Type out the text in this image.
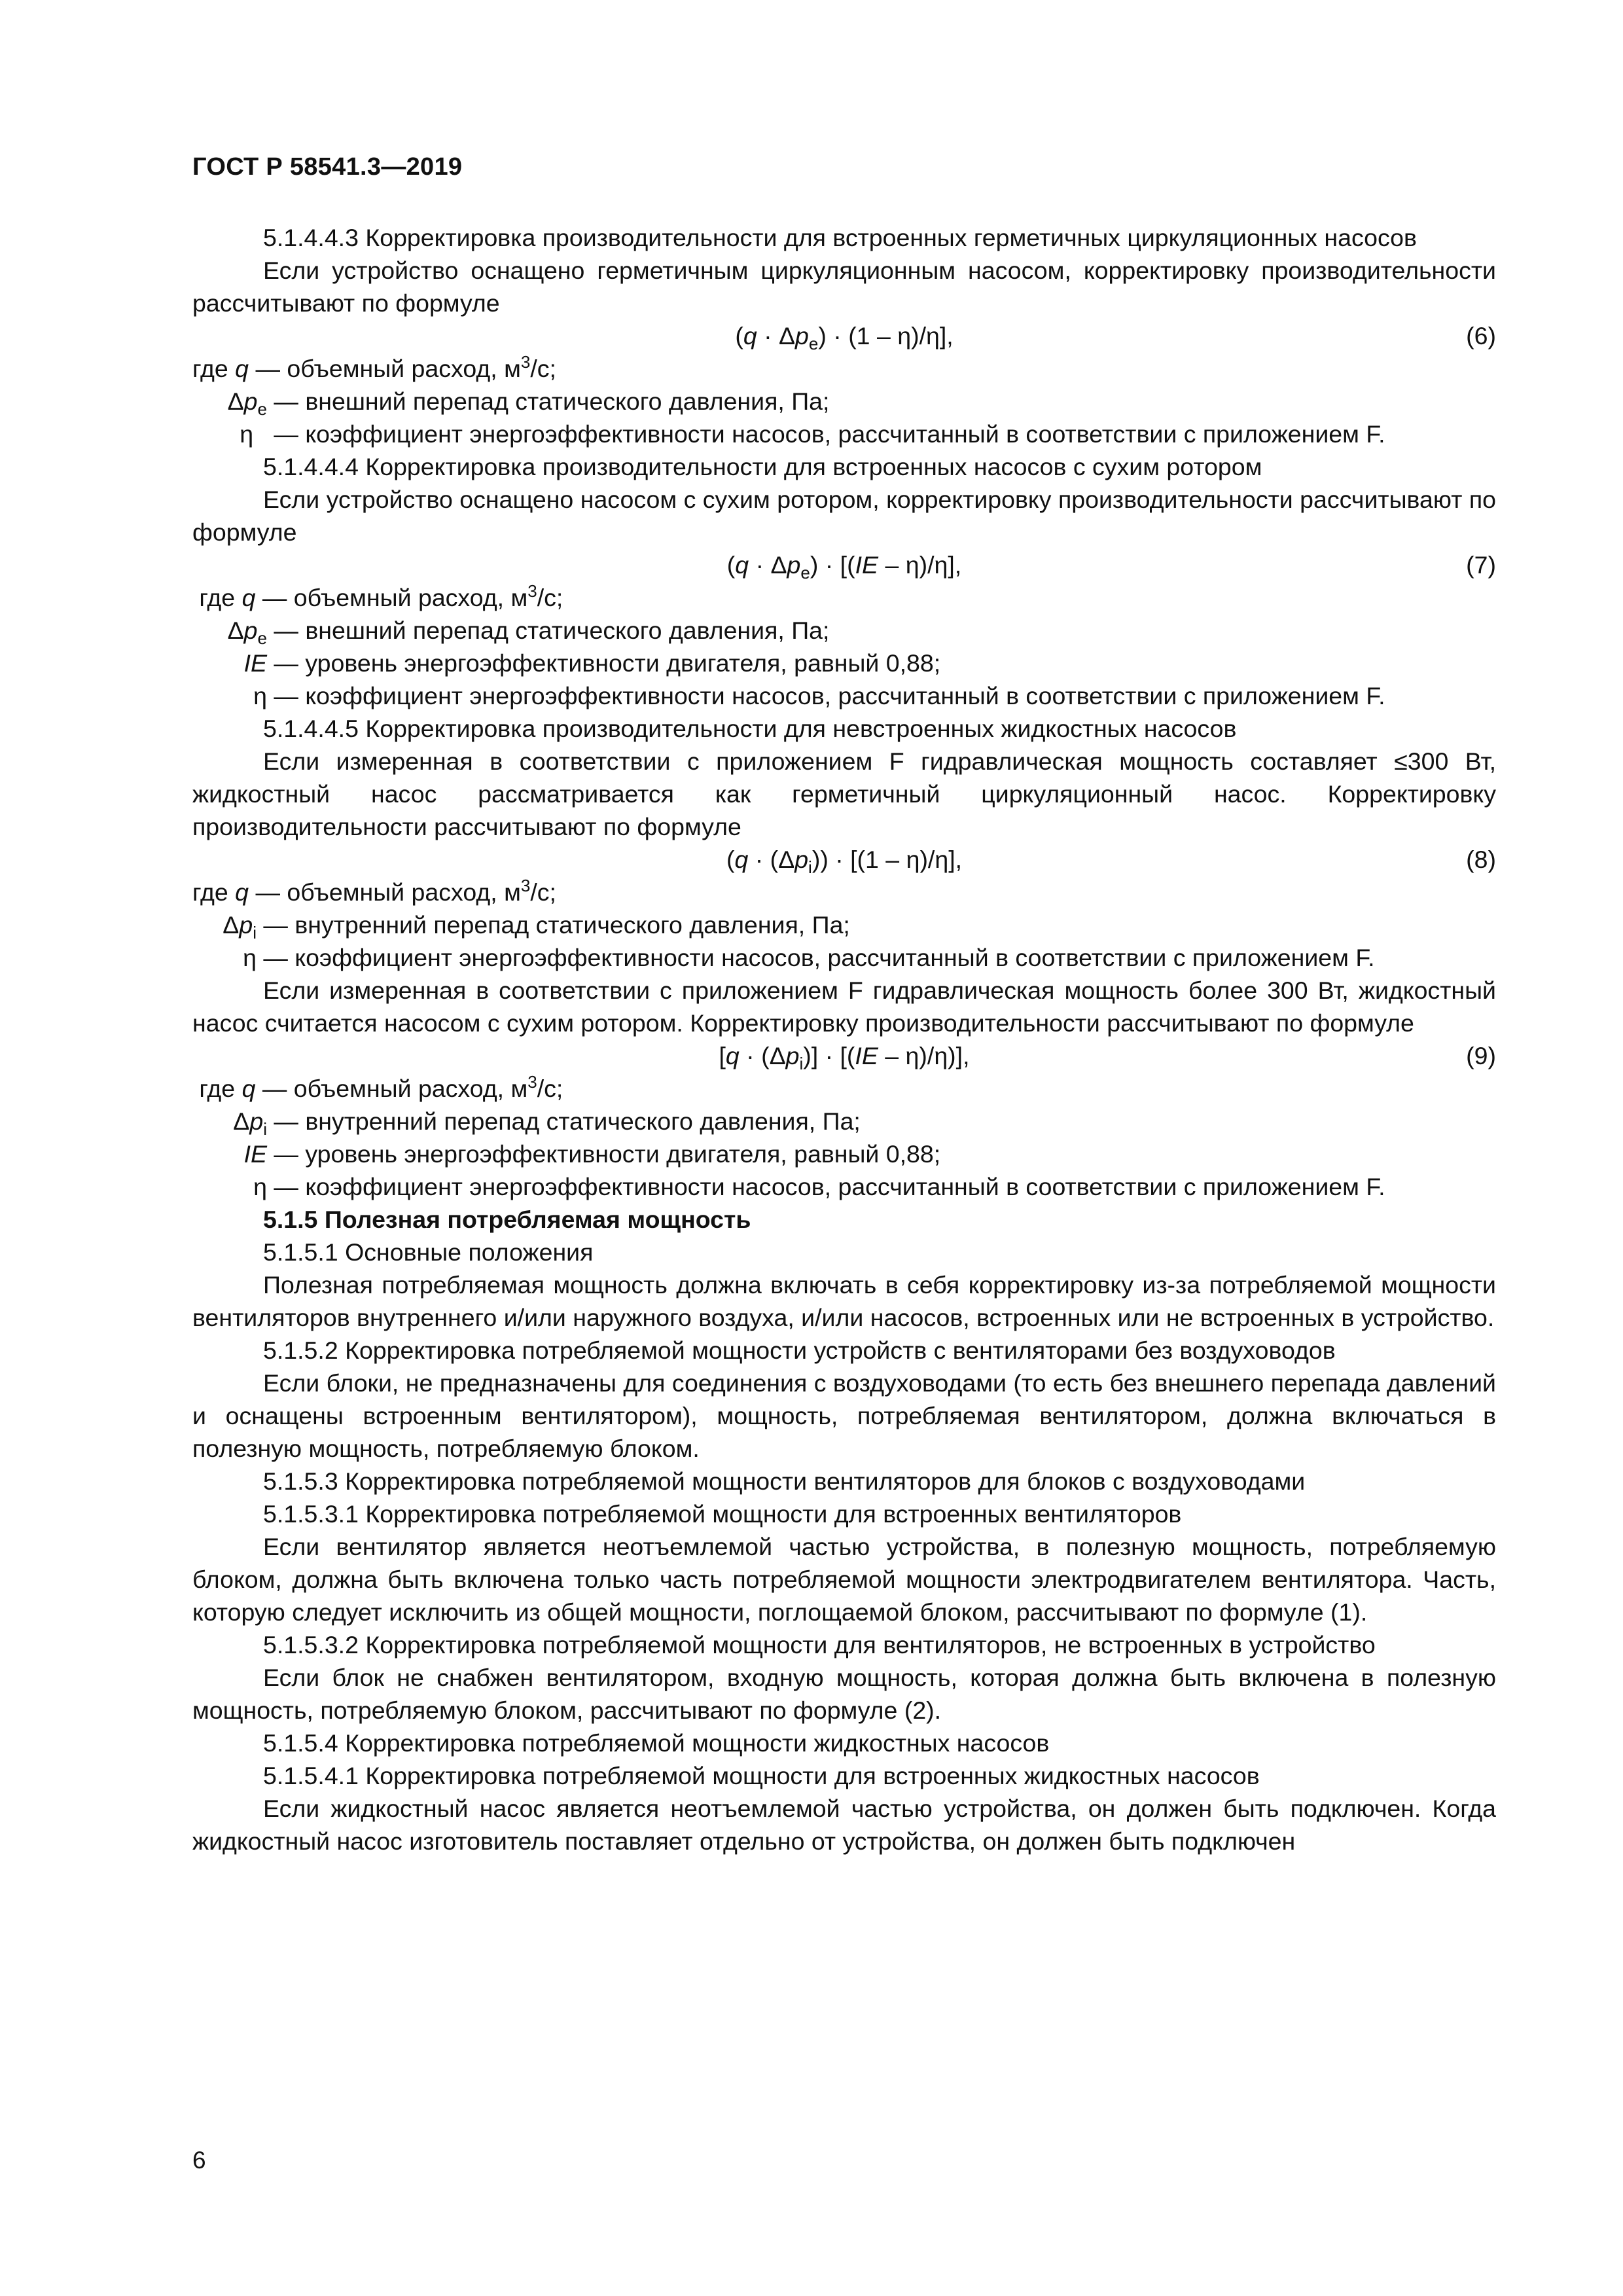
ГОСТ Р 58541.3—2019

5.1.4.4.3 Корректировка производительности для встроенных герметичных циркуляционных насосов

Если устройство оснащено герметичным циркуляционным насосом, корректировку производительности рассчитывают по формуле

$(q \cdot \Delta p_e) \cdot (1 - \eta)/\eta$],	(6)
где q — объемный расход, $м^3/с$;
$\Delta p_e$ — внешний перепад статического давления, Па;
η — коэффициент энергоэффективности насосов, рассчитанный в соответствии с приложением F.

5.1.4.4.4 Корректировка производительности для встроенных насосов с сухим ротором

Если устройство оснащено насосом с сухим ротором, корректировку производительности рассчитывают по формуле

$(q \cdot \Delta p_e) \cdot [(IE - \eta)/\eta]$,	(7)
где q — объемный расход, $м^3/с$;
$\Delta p_e$ — внешний перепад статического давления, Па;
IE — уровень энергоэффективности двигателя, равный 0,88;
η — коэффициент энергоэффективности насосов, рассчитанный в соответствии с приложением F.

5.1.4.4.5 Корректировка производительности для невстроенных жидкостных насосов

Если измеренная в соответствии с приложением F гидравлическая мощность составляет ≤300 Вт, жидкостный насос рассматривается как герметичный циркуляционный насос. Корректировку производительности рассчитывают по формуле

$(q \cdot (\Delta p_i)) \cdot [(1 - \eta)/\eta]$,	(8)
где q — объемный расход, $м^3/с$;
$\Delta p_i$ — внутренний перепад статического давления, Па;
η — коэффициент энергоэффективности насосов, рассчитанный в соответствии с приложением F.

Если измеренная в соответствии с приложением F гидравлическая мощность более 300 Вт, жидкостный насос считается насосом с сухим ротором. Корректировку производительности рассчитывают по формуле

$[q \cdot (\Delta p_i)] \cdot [(IE - \eta)/\eta)$],	(9)
где q — объемный расход, $м^3/с$;
$\Delta p_i$ — внутренний перепад статического давления, Па;
IE — уровень энергоэффективности двигателя, равный 0,88;
η — коэффициент энергоэффективности насосов, рассчитанный в соответствии с приложением F.

5.1.5 Полезная потребляемая мощность

5.1.5.1 Основные положения

Полезная потребляемая мощность должна включать в себя корректировку из-за потребляемой мощности вентиляторов внутреннего и/или наружного воздуха, и/или насосов, встроенных или не встроенных в устройство.

5.1.5.2 Корректировка потребляемой мощности устройств с вентиляторами без воздуховодов

Если блоки, не предназначены для соединения с воздуховодами (то есть без внешнего перепада давлений и оснащены встроенным вентилятором), мощность, потребляемая вентилятором, должна включаться в полезную мощность, потребляемую блоком.

5.1.5.3 Корректировка потребляемой мощности вентиляторов для блоков с воздуховодами

5.1.5.3.1 Корректировка потребляемой мощности для встроенных вентиляторов

Если вентилятор является неотъемлемой частью устройства, в полезную мощность, потребляемую блоком, должна быть включена только часть потребляемой мощности электродвигателем вентилятора. Часть, которую следует исключить из общей мощности, поглощаемой блоком, рассчитывают по формуле (1).

5.1.5.3.2 Корректировка потребляемой мощности для вентиляторов, не встроенных в устройство

Если блок не снабжен вентилятором, входную мощность, которая должна быть включена в полезную мощность, потребляемую блоком, рассчитывают по формуле (2).

5.1.5.4 Корректировка потребляемой мощности жидкостных насосов

5.1.5.4.1 Корректировка потребляемой мощности для встроенных жидкостных насосов

Если жидкостный насос является неотъемлемой частью устройства, он должен быть подключен. Когда жидкостный насос изготовитель поставляет отдельно от устройства, он должен быть подключен

6
